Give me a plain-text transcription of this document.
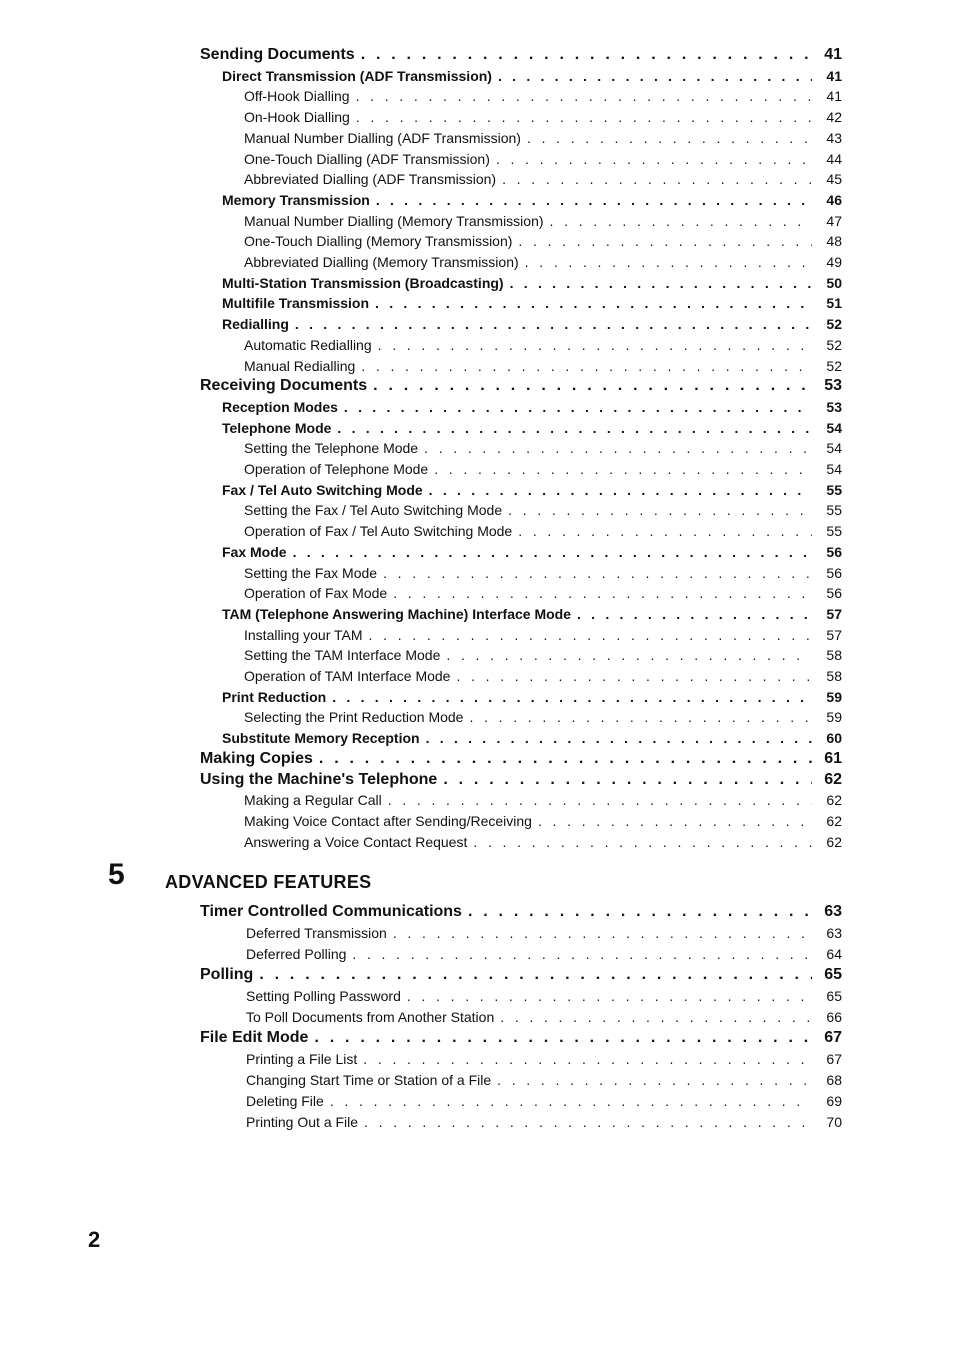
Sending Documents . . .	41
Direct Transmission (ADF Transmission) . . .	41
Off-Hook Dialling . . .	41
On-Hook Dialling . . .	42
Manual Number Dialling (ADF Transmission) . . .	43
One-Touch Dialling (ADF Transmission) . . .	44
Abbreviated Dialling (ADF Transmission) . . .	45
Memory Transmission . . .	46
Manual Number Dialling (Memory Transmission) . . .	47
One-Touch Dialling (Memory Transmission) . . .	48
Abbreviated Dialling (Memory Transmission) . . .	49
Multi-Station Transmission (Broadcasting) . . .	50
Multifile Transmission . . .	51
Redialling . . .	52
Automatic Redialling . . .	52
Manual Redialling . . .	52
Receiving Documents . . .	53
Reception Modes . . .	53
Telephone Mode . . .	54
Setting the Telephone Mode . . .	54
Operation of Telephone Mode . . .	54
Fax / Tel Auto Switching Mode . . .	55
Setting the Fax / Tel Auto Switching Mode . . .	55
Operation of Fax / Tel Auto Switching Mode . . .	55
Fax Mode . . .	56
Setting the Fax Mode . . .	56
Operation of Fax Mode . . .	56
TAM (Telephone Answering Machine) Interface Mode . . .	57
Installing your TAM . . .	57
Setting the TAM Interface Mode . . .	58
Operation of TAM Interface Mode . . .	58
Print Reduction . . .	59
Selecting the Print Reduction Mode . . .	59
Substitute Memory Reception . . .	60
Making Copies . . .	61
Using the Machine's Telephone . . .	62
Making a Regular Call . . .	62
Making Voice Contact after Sending/Receiving . . .	62
Answering a Voice Contact Request . . .	62
5 ADVANCED FEATURES
Timer Controlled Communications . . .	63
Deferred Transmission . . .	63
Deferred Polling . . .	64
Polling . . .	65
Setting Polling Password . . .	65
To Poll Documents from Another Station . . .	66
File Edit Mode . . .	67
Printing a File List . . .	67
Changing Start Time or Station of a File . . .	68
Deleting File . . .	69
Printing Out a File . . .	70
2
